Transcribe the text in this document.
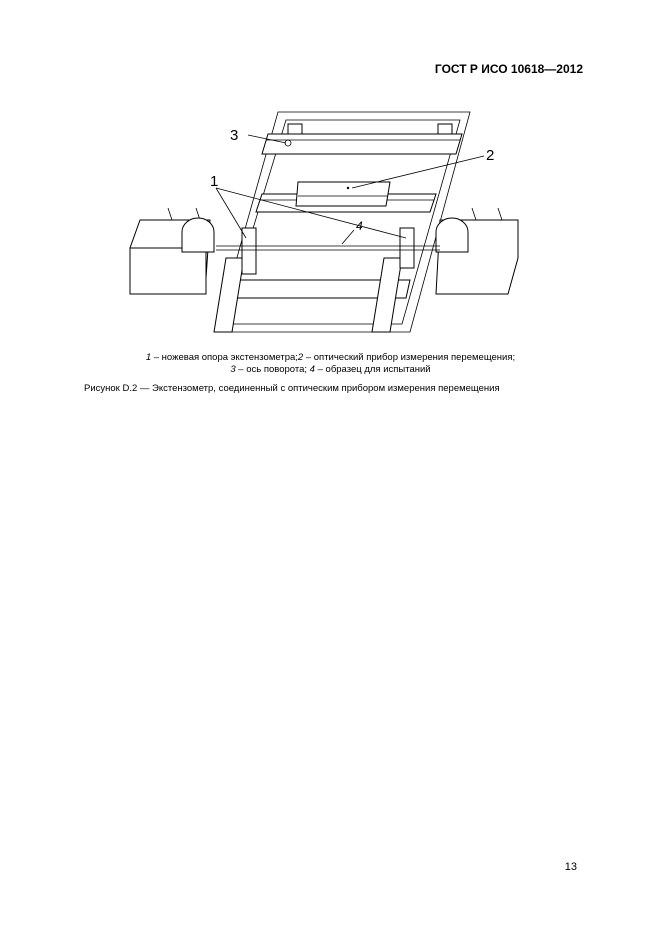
ГОСТ Р ИСО 10618—2012
1
2
3
4
1 – ножевая опора экстензометра;2 – оптический прибор измерения перемещения;
3 – ось поворота; 4 – образец для испытаний
Рисунок D.2 — Экстензометр, соединенный с оптическим прибором измерения перемещения
13
